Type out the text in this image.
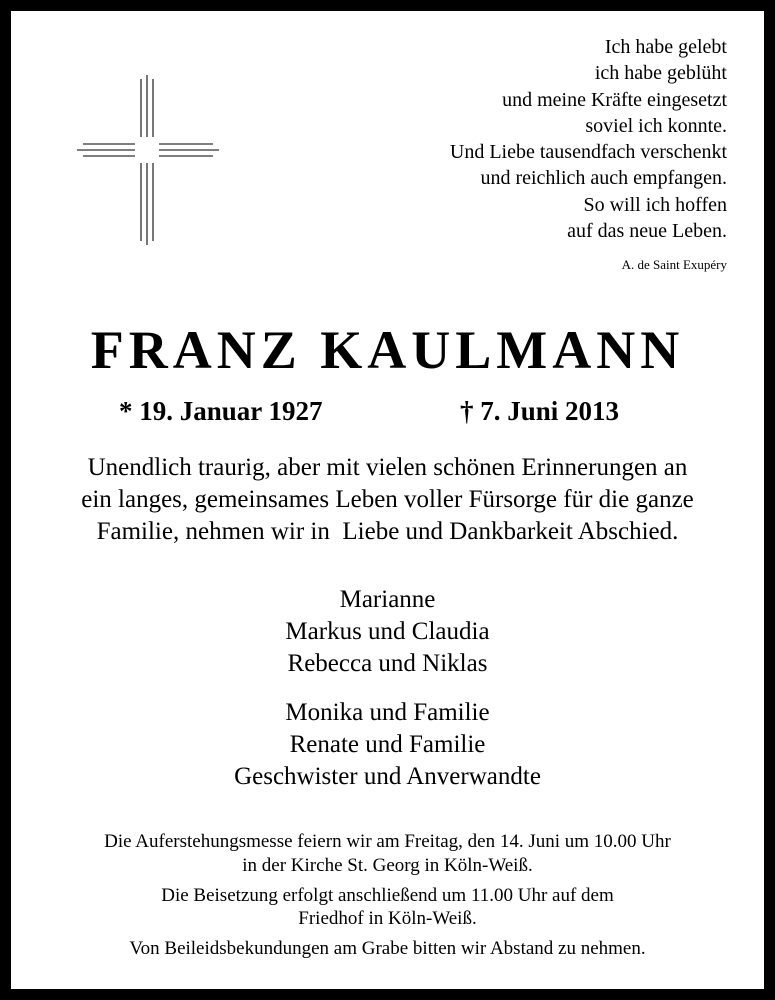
Ich habe gelebt
ich habe geblüht
und meine Kräfte eingesetzt
soviel ich konnte.
Und Liebe tausendfach verschenkt
und reichlich auch empfangen.
So will ich hoffen
auf das neue Leben.
A. de Saint Exupéry
FRANZ KAULMANN
* 19. Januar 1927	† 7. Juni 2013
Unendlich traurig, aber mit vielen schönen Erinnerungen an
ein langes, gemeinsames Leben voller Fürsorge für die ganze
Familie, nehmen wir in  Liebe und Dankbarkeit Abschied.
Marianne
Markus und Claudia
Rebecca und Niklas
Monika und Familie
Renate und Familie
Geschwister und Anverwandte
Die Auferstehungsmesse feiern wir am Freitag, den 14. Juni um 10.00 Uhr
in der Kirche St. Georg in Köln-Weiß.
Die Beisetzung erfolgt anschließend um 11.00 Uhr auf dem
Friedhof in Köln-Weiß.
Von Beileidsbekundungen am Grabe bitten wir Abstand zu nehmen.
